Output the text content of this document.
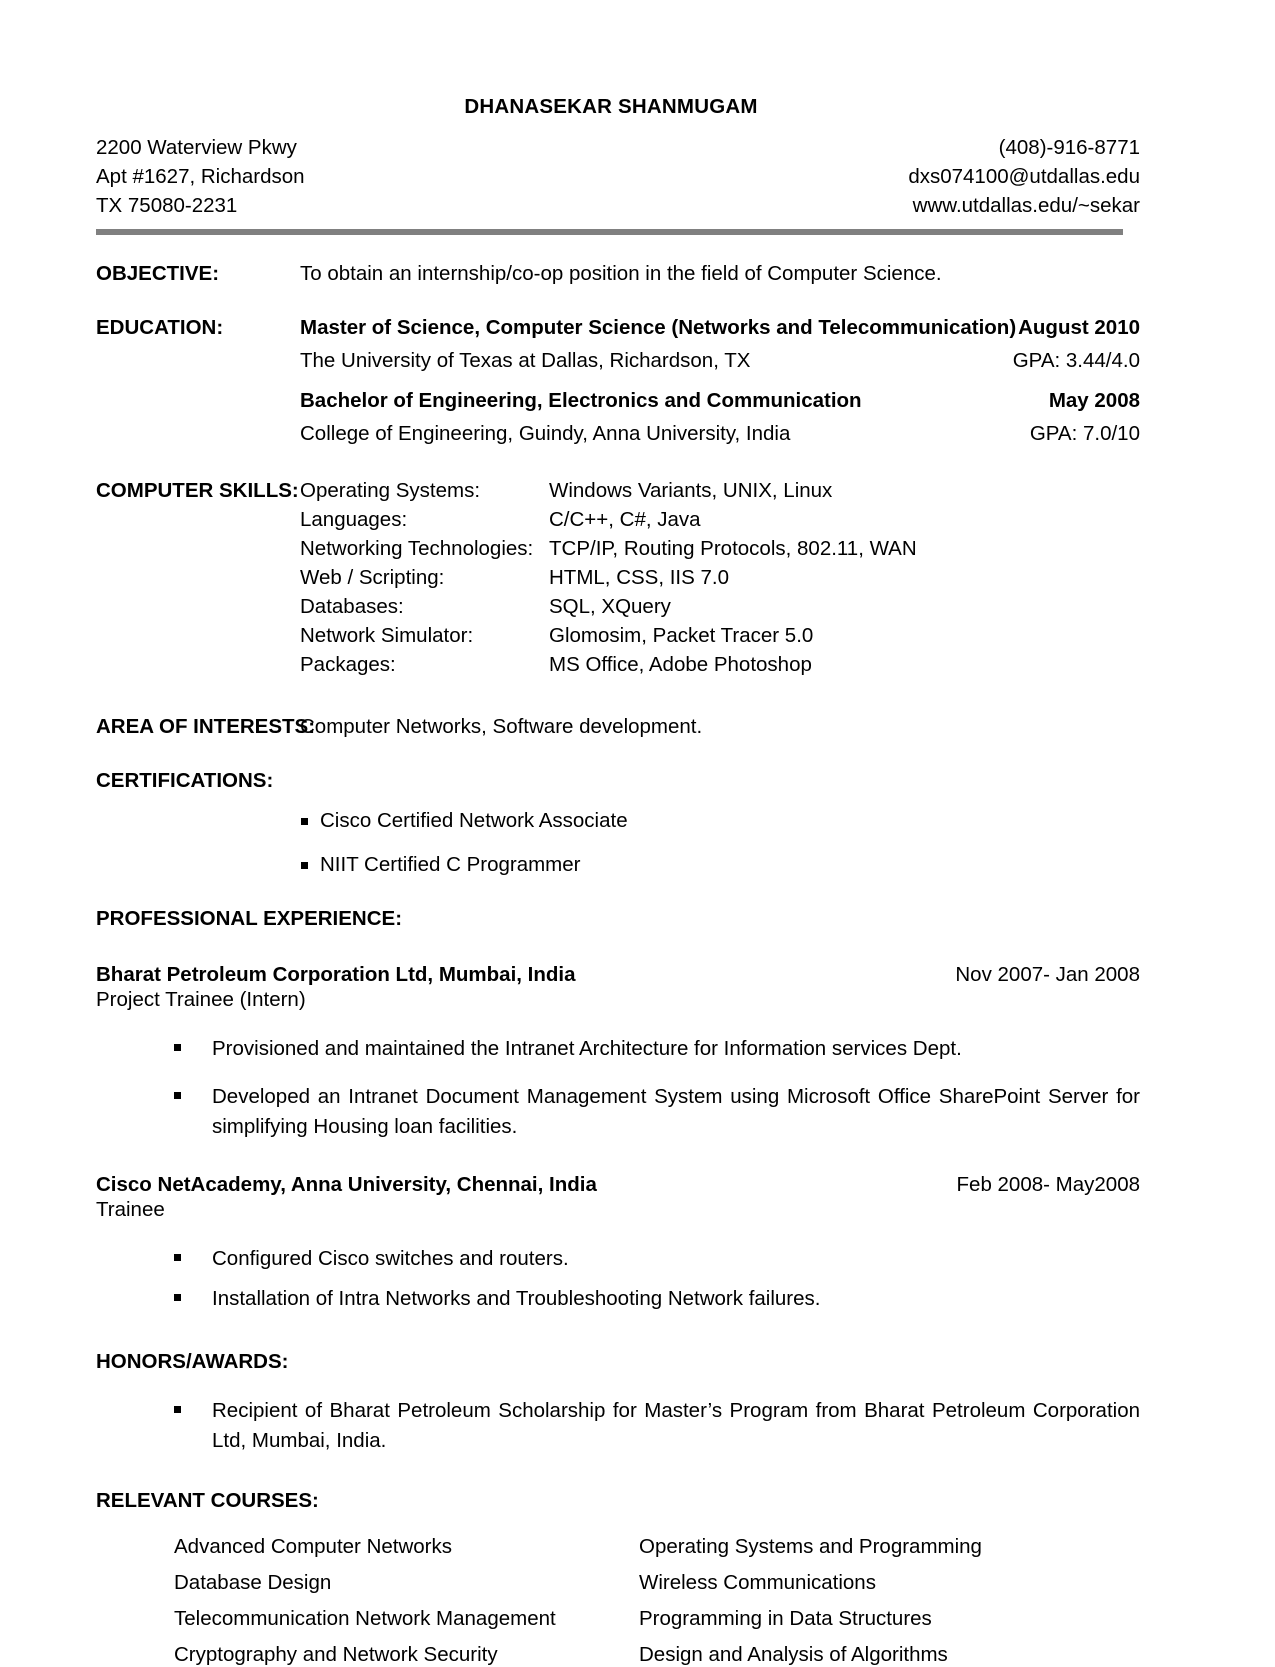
DHANASEKAR SHANMUGAM
2200 Waterview Pkwy
Apt #1627, Richardson
TX 75080-2231
(408)-916-8771
dxs074100@utdallas.edu
www.utdallas.edu/~sekar
OBJECTIVE:	To obtain an internship/co-op position in the field of Computer Science.
EDUCATION:	Master of Science, Computer Science (Networks and Telecommunication) August 2010
The University of Texas at Dallas, Richardson, TX	GPA: 3.44/4.0
Bachelor of Engineering, Electronics and Communication	May 2008
College of Engineering, Guindy, Anna University, India	GPA: 7.0/10
COMPUTER SKILLS: Operating Systems:	Windows Variants, UNIX, Linux
Languages:	C/C++, C#, Java
Networking Technologies:	TCP/IP, Routing Protocols, 802.11, WAN
Web / Scripting:	HTML, CSS, IIS 7.0
Databases:	SQL, XQuery
Network Simulator:	Glomosim, Packet Tracer 5.0
Packages:	MS Office, Adobe Photoshop
AREA OF INTERESTS:
Computer Networks, Software development.
CERTIFICATIONS:
Cisco Certified Network Associate
NIIT Certified C Programmer
PROFESSIONAL EXPERIENCE:
Bharat Petroleum Corporation Ltd, Mumbai, India	Nov 2007- Jan 2008
Project Trainee (Intern)
Provisioned and maintained the Intranet Architecture for Information services Dept.
Developed an Intranet Document Management System using Microsoft Office SharePoint Server for simplifying Housing loan facilities.
Cisco NetAcademy, Anna University, Chennai, India	Feb 2008- May2008
Trainee
Configured Cisco switches and routers.
Installation of Intra Networks and Troubleshooting Network failures.
HONORS/AWARDS:
Recipient of Bharat Petroleum Scholarship for Master’s Program from Bharat Petroleum Corporation Ltd, Mumbai, India.
RELEVANT COURSES:
Advanced Computer Networks	Operating Systems and Programming
Database Design	Wireless Communications
Telecommunication Network Management	Programming in Data Structures
Cryptography and Network Security	Design and Analysis of Algorithms
